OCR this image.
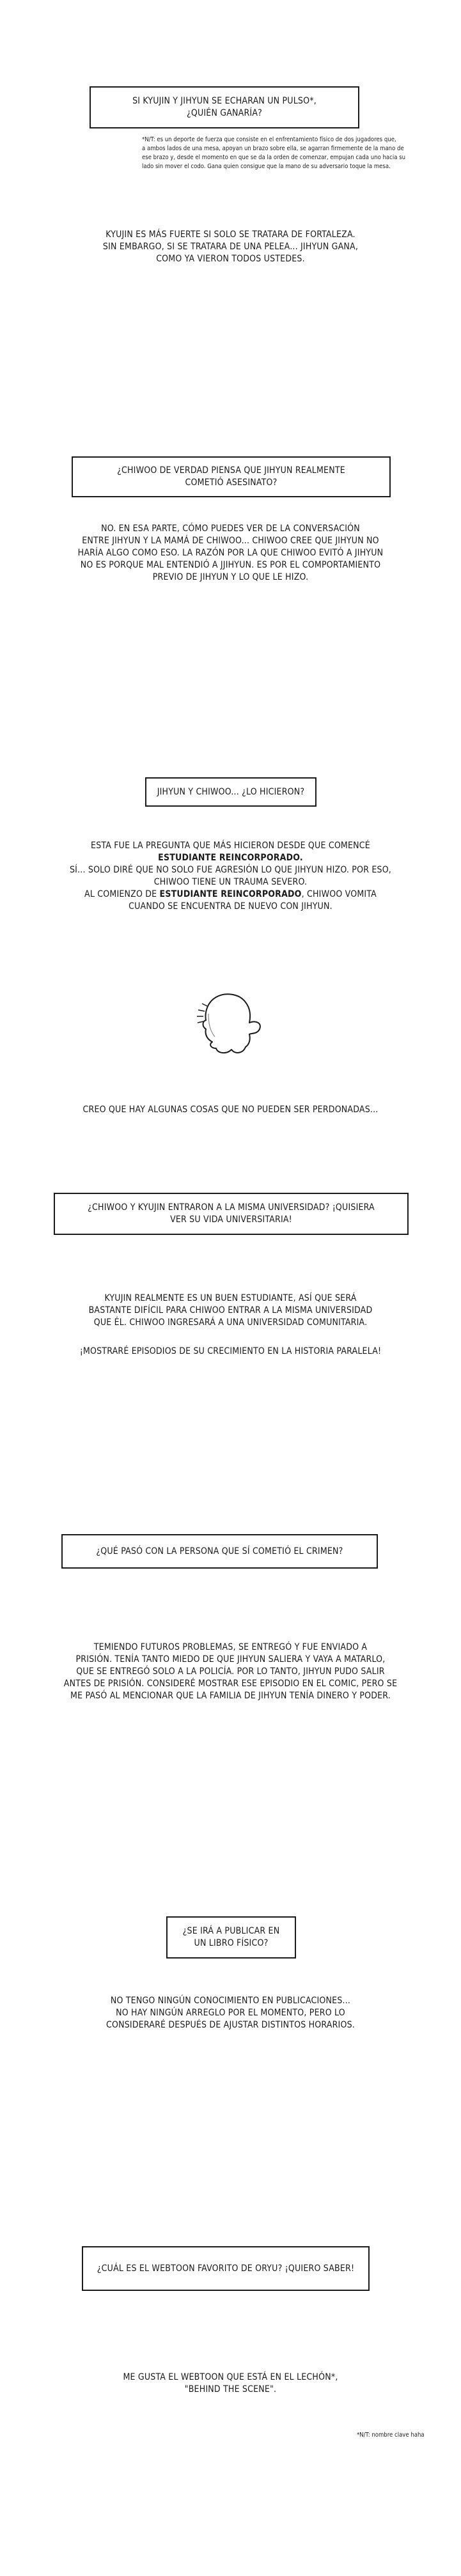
SI KYUJIN Y JIHYUN SE ECHARAN UN PULSO*,
¿QUIÉN GANARÍA?
*N/T: es un deporte de fuerza que consiste en el enfrentamiento físico de dos jugadores que,
a ambos lados de una mesa, apoyan un brazo sobre ella, se agarran firmemente de la mano de
ese brazo y, desde el momento en que se da la orden de comenzar, empujan cada uno hacia su
lado sin mover el codo. Gana quien consigue que la mano de su adversario toque la mesa.
KYUJIN ES MÁS FUERTE SI SOLO SE TRATARA DE FORTALEZA.
SIN EMBARGO, SI SE TRATARA DE UNA PELEA... JIHYUN GANA,
COMO YA VIERON TODOS USTEDES.
¿CHIWOO DE VERDAD PIENSA QUE JIHYUN REALMENTE
COMETIÓ ASESINATO?
NO. EN ESA PARTE, CÓMO PUEDES VER DE LA CONVERSACIÓN
ENTRE JIHYUN Y LA MAMÁ DE CHIWOO... CHIWOO CREE QUE JIHYUN NO
HARÍA ALGO COMO ESO. LA RAZÓN POR LA QUE CHIWOO EVITÓ A JIHYUN
NO ES PORQUE MAL ENTENDIÓ A JJIHYUN. ES POR EL COMPORTAMIENTO
PREVIO DE JIHYUN Y LO QUE LE HIZO.
JIHYUN Y CHIWOO... ¿LO HICIERON?
ESTA FUE LA PREGUNTA QUE MÁS HICIERON DESDE QUE COMENCÉ
ESTUDIANTE REINCORPORADO.
SÍ... SOLO DIRÉ QUE NO SOLO FUE AGRESIÓN LO QUE JIHYUN HIZO. POR ESO,
CHIWOO TIENE UN TRAUMA SEVERO.
AL COMIENZO DE ESTUDIANTE REINCORPORADO, CHIWOO VOMITA
CUANDO SE ENCUENTRA DE NUEVO CON JIHYUN.
CREO QUE HAY ALGUNAS COSAS QUE NO PUEDEN SER PERDONADAS...
¿CHIWOO Y KYUJIN ENTRARON A LA MISMA UNIVERSIDAD? ¡QUISIERA
VER SU VIDA UNIVERSITARIA!
KYUJIN REALMENTE ES UN BUEN ESTUDIANTE, ASÍ QUE SERÁ
BASTANTE DIFÍCIL PARA CHIWOO ENTRAR A LA MISMA UNIVERSIDAD
QUE ÉL. CHIWOO INGRESARÁ A UNA UNIVERSIDAD COMUNITARIA.
¡MOSTRARÉ EPISODIOS DE SU CRECIMIENTO EN LA HISTORIA PARALELA!
¿QUÉ PASÓ CON LA PERSONA QUE SÍ COMETIÓ EL CRIMEN?
TEMIENDO FUTUROS PROBLEMAS, SE ENTREGÓ Y FUE ENVIADO A
PRISIÓN. TENÍA TANTO MIEDO DE QUE JIHYUN SALIERA Y VAYA A MATARLO,
QUE SE ENTREGÓ SOLO A LA POLICÍA. POR LO TANTO, JIHYUN PUDO SALIR
ANTES DE PRISIÓN. CONSIDERÉ MOSTRAR ESE EPISODIO EN EL COMIC, PERO SE
ME PASÓ AL MENCIONAR QUE LA FAMILIA DE JIHYUN TENÍA DINERO Y PODER.
¿SE IRÁ A PUBLICAR EN
UN LIBRO FÍSICO?
NO TENGO NINGÚN CONOCIMIENTO EN PUBLICACIONES...
NO HAY NINGÚN ARREGLO POR EL MOMENTO, PERO LO
CONSIDERARÉ DESPUÉS DE AJUSTAR DISTINTOS HORARIOS.
¿CUÁL ES EL WEBTOON FAVORITO DE ORYU? ¡QUIERO SABER!
ME GUSTA EL WEBTOON QUE ESTÁ EN EL LECHÓN*,
"BEHIND THE SCENE".
*N/T: nombre clave haha
